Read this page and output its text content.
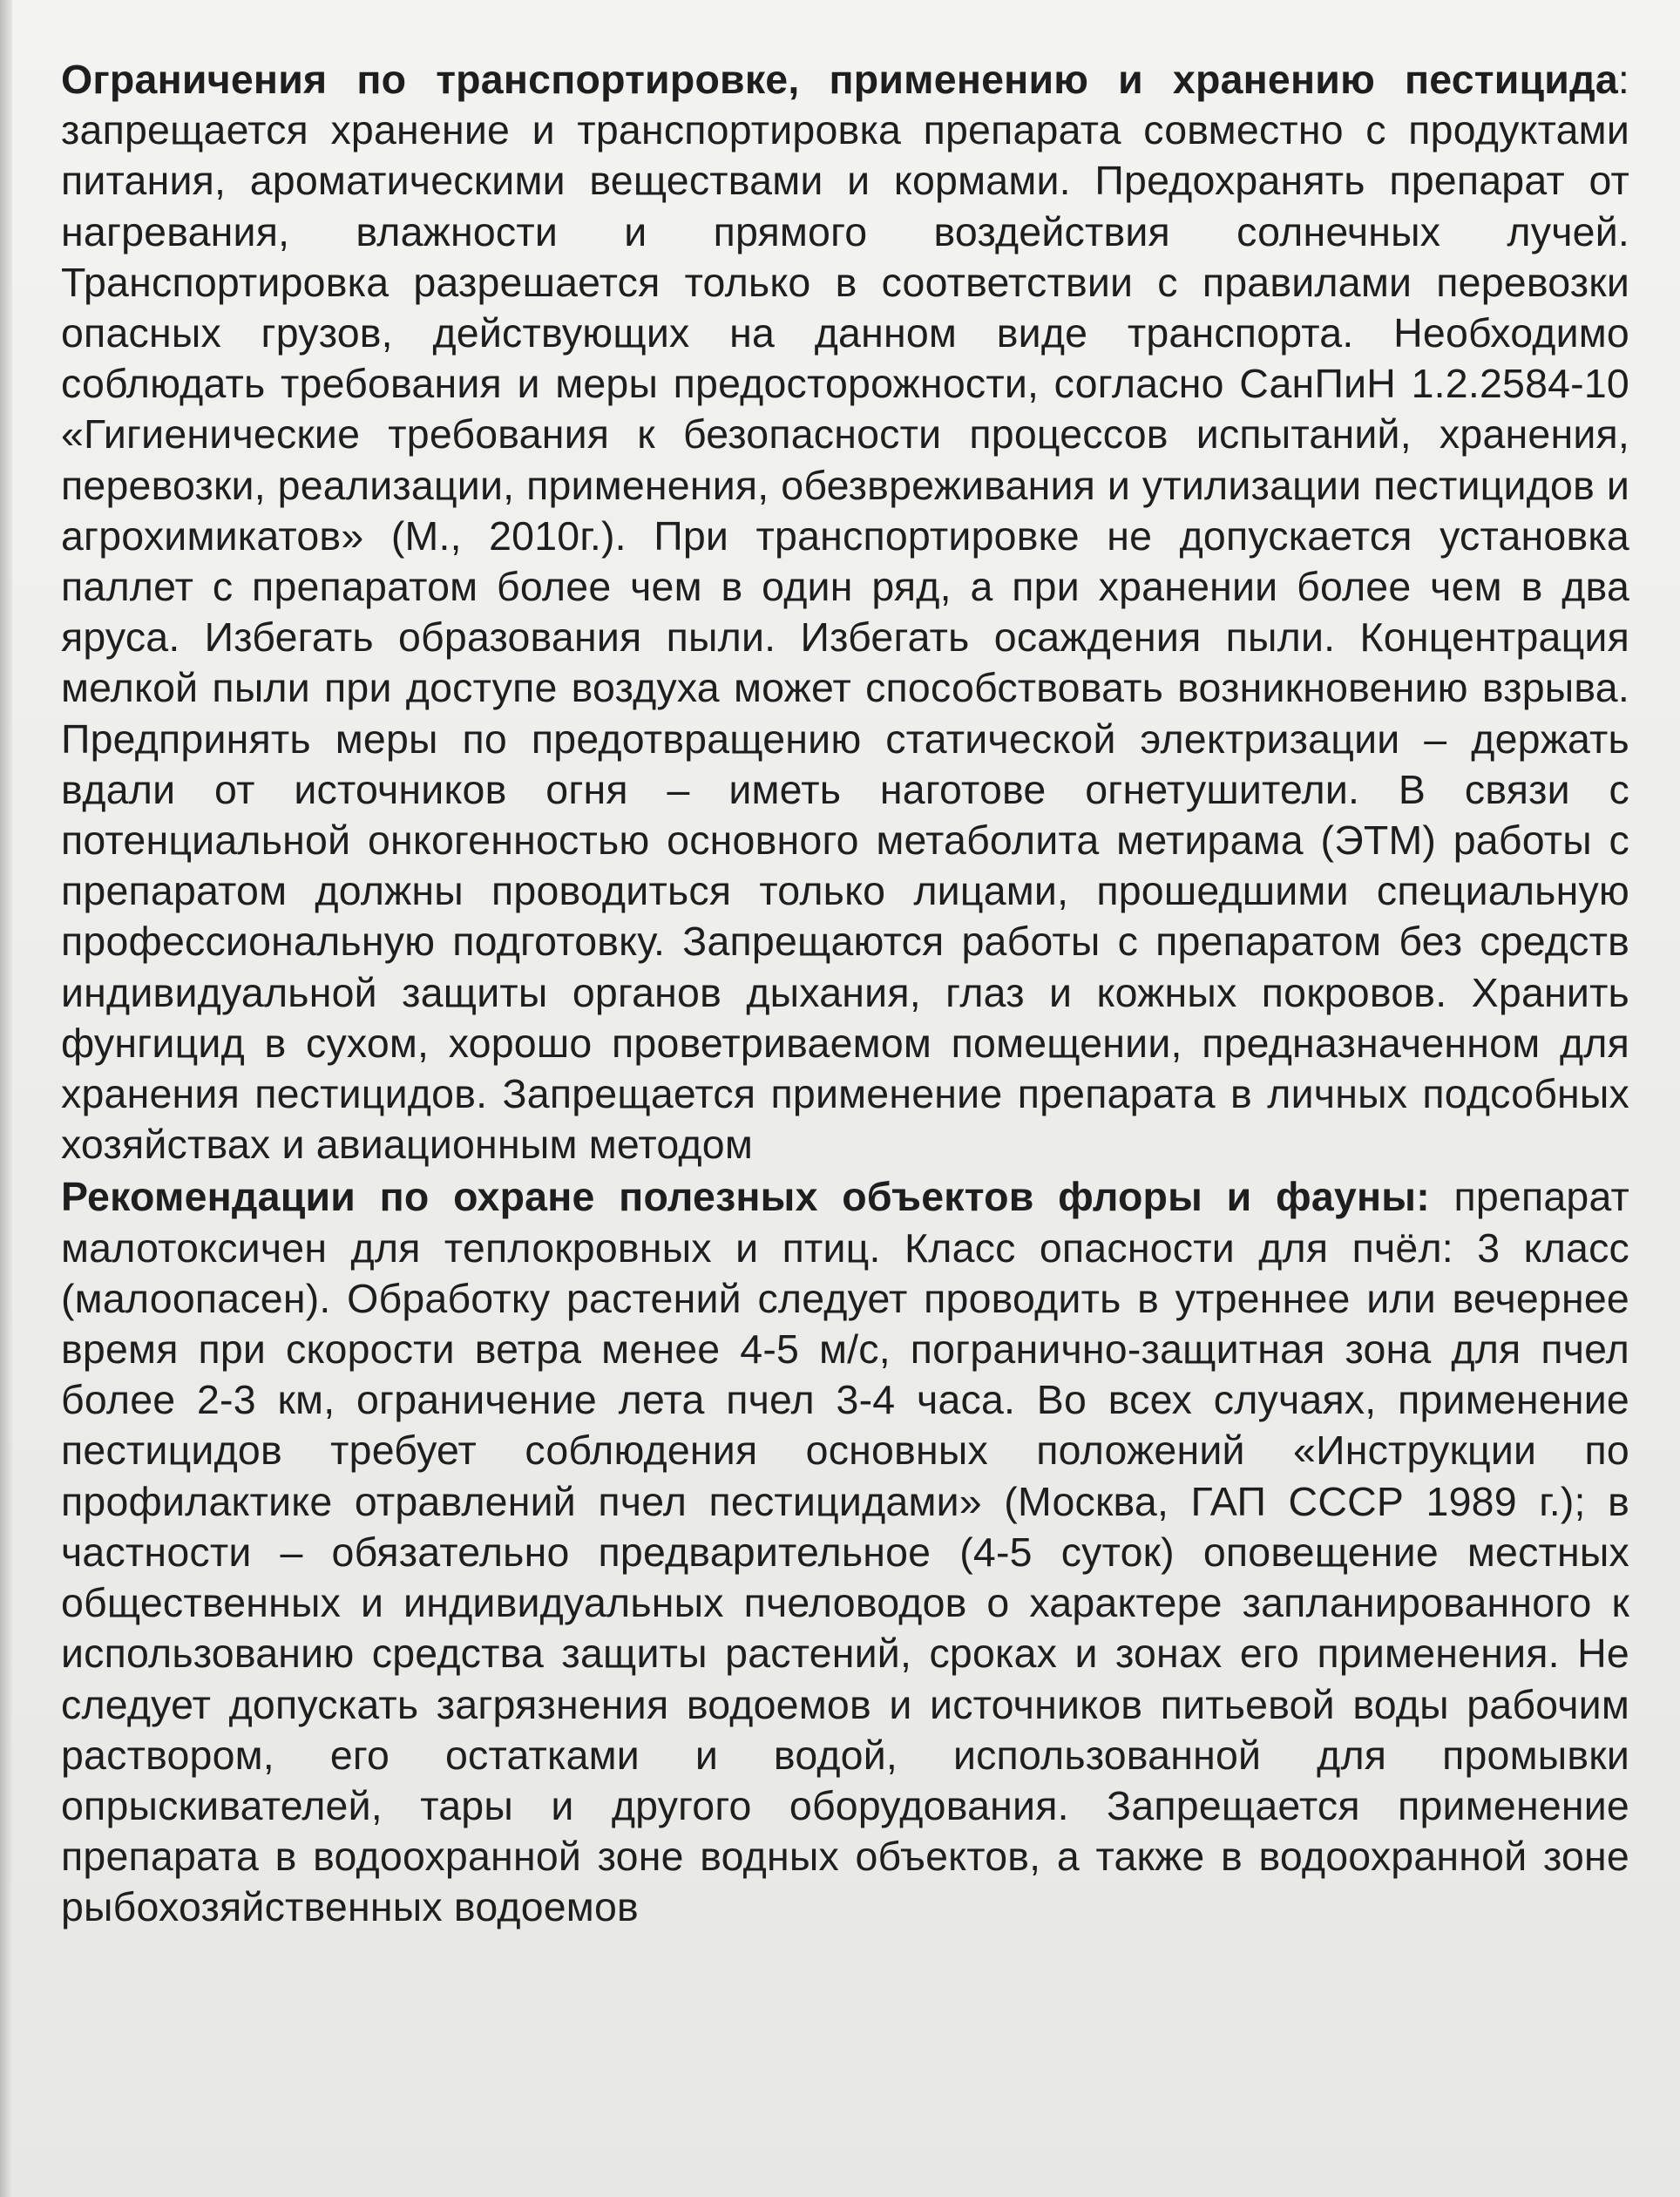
Ограничения по транспортировке, применению и хранению пестицида: запрещается хранение и транспортировка препарата совместно с продуктами питания, ароматическими веществами и кормами. Предохранять препарат от нагревания, влажности и прямого воздействия солнечных лучей. Транспортировка разрешается только в соответствии с правилами перевозки опасных грузов, действующих на данном виде транспорта. Необходимо соблюдать требования и меры предосторожности, согласно СанПиН 1.2.2584-10 «Гигиенические требования к безопасности процессов испытаний, хранения, перевозки, реализации, применения, обезвреживания и утилизации пестицидов и агрохимикатов» (М., 2010г.). При транспортировке не допускается установка паллет с препаратом более чем в один ряд, а при хранении более чем в два яруса. Избегать образования пыли. Избегать осаждения пыли. Концентрация мелкой пыли при доступе воздуха может способствовать возникновению взрыва. Предпринять меры по предотвращению статической электризации – держать вдали от источников огня – иметь наготове огнетушители. В связи с потенциальной онкогенностью основного метаболита метирама (ЭТМ) работы с препаратом должны проводиться только лицами, прошедшими специальную профессиональную подготовку. Запрещаются работы с препаратом без средств индивидуальной защиты органов дыхания, глаз и кожных покровов. Хранить фунгицид в сухом, хорошо проветриваемом помещении, предназначенном для хранения пестицидов. Запрещается применение препарата в личных подсобных хозяйствах и авиационным методом

Рекомендации по охране полезных объектов флоры и фауны: препарат малотоксичен для теплокровных и птиц. Класс опасности для пчёл: 3 класс (малоопасен). Обработку растений следует проводить в утреннее или вечернее время при скорости ветра менее 4-5 м/с, погранично-защитная зона для пчел более 2-3 км, ограничение лета пчел 3-4 часа. Во всех случаях, применение пестицидов требует соблюдения основных положений «Инструкции по профилактике отравлений пчел пестицидами» (Москва, ГАП СССР 1989 г.); в частности – обязательно предварительное (4-5 суток) оповещение местных общественных и индивидуальных пчеловодов о характере запланированного к использованию средства защиты растений, сроках и зонах его применения. Не следует допускать загрязнения водоемов и источников питьевой воды рабочим раствором, его остатками и водой, использованной для промывки опрыскивателей, тары и другого оборудования. Запрещается применение препарата в водоохранной зоне водных объектов, а также в водоохранной зоне рыбохозяйственных водоемов
